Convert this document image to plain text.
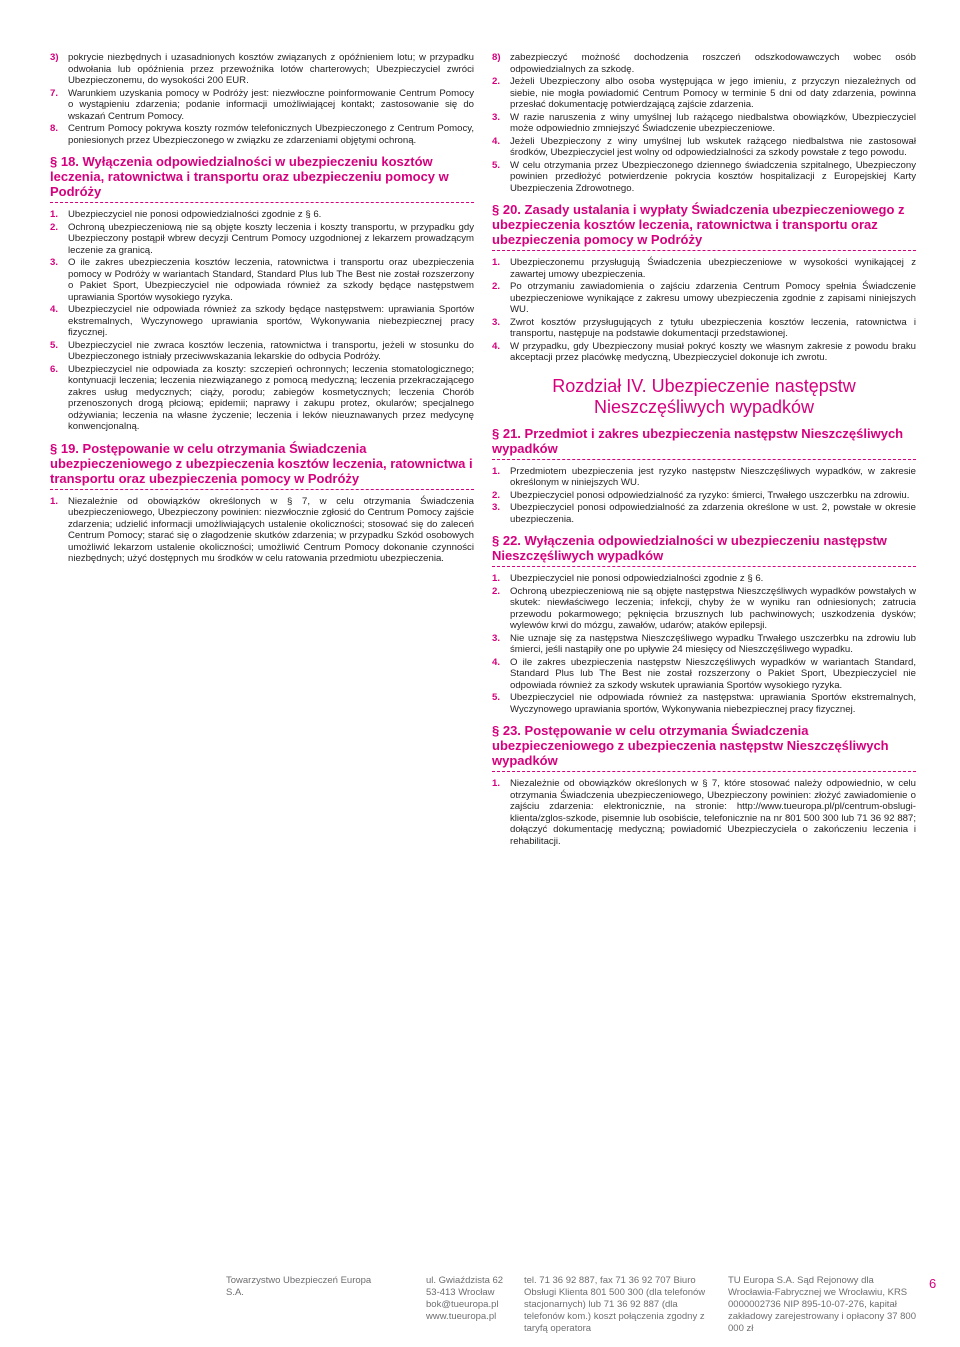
3) pokrycie niezbędnych i uzasadnionych kosztów związanych z opóźnieniem lotu; w przypadku odwołania lub opóźnienia przez przewoźnika lotów charterowych; Ubezpieczyciel zwróci Ubezpieczonemu, do wysokości 200 EUR.
7.	Warunkiem uzyskania pomocy w Podróży jest: niezwłoczne poinformowanie Centrum Pomocy o wystąpieniu zdarzenia; podanie informacji umożliwiającej kontakt; zastosowanie się do wskazań Centrum Pomocy.
8.	Centrum Pomocy pokrywa koszty rozmów telefonicznych Ubezpieczonego z Centrum Pomocy, poniesionych przez Ubezpieczonego w związku ze zdarzeniami objętymi ochroną.
§ 18. Wyłączenia odpowiedzialności w ubezpieczeniu kosztów leczenia, ratownictwa i transportu oraz ubezpieczeniu pomocy w Podróży
1.	Ubezpieczyciel nie ponosi odpowiedzialności zgodnie z § 6.
2.	Ochroną ubezpieczeniową nie są objęte koszty leczenia i koszty transportu, w przypadku gdy Ubezpieczony postąpił wbrew decyzji Centrum Pomocy uzgodnionej z lekarzem prowadzącym leczenie za granicą.
3.	O ile zakres ubezpieczenia kosztów leczenia, ratownictwa i transportu oraz ubezpieczenia pomocy w Podróży w wariantach Standard, Standard Plus lub The Best nie został rozszerzony o Pakiet Sport, Ubezpieczyciel nie odpowiada również za szkody będące następstwem uprawiania Sportów wysokiego ryzyka.
4.	Ubezpieczyciel nie odpowiada również za szkody będące następstwem: uprawiania Sportów ekstremalnych, Wyczynowego uprawiania sportów, Wykonywania niebezpiecznej pracy fizycznej.
5.	Ubezpieczyciel nie zwraca kosztów leczenia, ratownictwa i transportu, jeżeli w stosunku do Ubezpieczonego istniały przeciwwskazania lekarskie do odbycia Podróży.
6.	Ubezpieczyciel nie odpowiada za koszty: szczepień ochronnych; leczenia stomatologicznego; kontynuacji leczenia; leczenia niezwiązanego z pomocą medyczną; leczenia przekraczającego zakres usług medycznych; ciąży, porodu; zabiegów kosmetycznych; leczenia Chorób przenoszonych drogą płciową; epidemii; naprawy i zakupu protez, okularów; specjalnego odżywiania; leczenia na własne życzenie; leczenia i leków nieuznawanych przez medycynę konwencjonalną.
§ 19. Postępowanie w celu otrzymania Świadczenia ubezpieczeniowego z ubezpieczenia kosztów leczenia, ratownictwa i transportu oraz ubezpieczenia pomocy w Podróży
1.	Niezależnie od obowiązków określonych w § 7, w celu otrzymania Świadczenia ubezpieczeniowego, Ubezpieczony powinien: niezwłocznie zgłosić do Centrum Pomocy zajście zdarzenia; udzielić informacji umożliwiających ustalenie okoliczności; stosować się do zaleceń Centrum Pomocy; starać się o złagodzenie skutków zdarzenia; w przypadku Szkód osobowych umożliwić lekarzom ustalenie okoliczności; umożliwić Centrum Pomocy dokonanie czynności niezbędnych; użyć dostępnych mu środków w celu ratowania przedmiotu ubezpieczenia.
8) zabezpieczyć możność dochodzenia roszczeń odszkodowawczych wobec osób odpowiedzialnych za szkodę.
2.	Jeżeli Ubezpieczony albo osoba występująca w jego imieniu, z przyczyn niezależnych od siebie, nie mogła powiadomić Centrum Pomocy w terminie 5 dni od daty zdarzenia, powinna przesłać dokumentację potwierdzającą zajście zdarzenia.
3.	W razie naruszenia z winy umyślnej lub rażącego niedbalstwa obowiązków, Ubezpieczyciel może odpowiednio zmniejszyć Świadczenie ubezpieczeniowe.
4.	Jeżeli Ubezpieczony z winy umyślnej lub wskutek rażącego niedbalstwa nie zastosował środków, Ubezpieczyciel jest wolny od odpowiedzialności za szkody powstałe z tego powodu.
5.	W celu otrzymania przez Ubezpieczonego dziennego świadczenia szpitalnego, Ubezpieczony powinien przedłożyć potwierdzenie pokrycia kosztów hospitalizacji z Europejskiej Karty Ubezpieczenia Zdrowotnego.
§ 20. Zasady ustalania i wypłaty Świadczenia ubezpieczeniowego z ubezpieczenia kosztów leczenia, ratownictwa i transportu oraz ubezpieczenia pomocy w Podróży
1.	Ubezpieczonemu przysługują Świadczenia ubezpieczeniowe w wysokości wynikającej z zawartej umowy ubezpieczenia.
2.	Po otrzymaniu zawiadomienia o zajściu zdarzenia Centrum Pomocy spełnia Świadczenie ubezpieczeniowe wynikające z zakresu umowy ubezpieczenia zgodnie z zapisami niniejszych WU.
3.	Zwrot kosztów przysługujących z tytułu ubezpieczenia kosztów leczenia, ratownictwa i transportu, następuje na podstawie dokumentacji przedstawionej.
4.	W przypadku, gdy Ubezpieczony musiał pokryć koszty we własnym zakresie z powodu braku akceptacji przez placówkę medyczną, Ubezpieczyciel dokonuje ich zwrotu.
Rozdział IV. Ubezpieczenie następstw Nieszczęśliwych wypadków
§ 21. Przedmiot i zakres ubezpieczenia następstw Nieszczęśliwych wypadków
1.	Przedmiotem ubezpieczenia jest ryzyko następstw Nieszczęśliwych wypadków, w zakresie określonym w niniejszych WU.
2.	Ubezpieczyciel ponosi odpowiedzialność za ryzyko: śmierci, Trwałego uszczerbku na zdrowiu.
3.	Ubezpieczyciel ponosi odpowiedzialność za zdarzenia określone w ust. 2, powstałe w okresie ubezpieczenia.
§ 22. Wyłączenia odpowiedzialności w ubezpieczeniu następstw Nieszczęśliwych wypadków
1.	Ubezpieczyciel nie ponosi odpowiedzialności zgodnie z § 6.
2.	Ochroną ubezpieczeniową nie są objęte następstwa Nieszczęśliwych wypadków powstałych w skutek: niewłaściwego leczenia; infekcji, chyby że w wyniku ran odniesionych; zatrucia przewodu pokarmowego; pęknięcia brzusznych lub pachwinowych; uszkodzenia dysków; wylewów krwi do mózgu, zawałów, udarów; ataków epilepsji.
3.	Nie uznaje się za następstwa Nieszczęśliwego wypadku Trwałego uszczerbku na zdrowiu lub śmierci, jeśli nastąpiły one po upływie 24 miesięcy od Nieszczęśliwego wypadku.
4.	O ile zakres ubezpieczenia następstw Nieszczęśliwych wypadków w wariantach Standard, Standard Plus lub The Best nie został rozszerzony o Pakiet Sport, Ubezpieczyciel nie odpowiada również za szkody wskutek uprawiania Sportów wysokiego ryzyka.
5.	Ubezpieczyciel nie odpowiada również za następstwa: uprawiania Sportów ekstremalnych, Wyczynowego uprawiania sportów, Wykonywania niebezpiecznej pracy fizycznej.
§ 23. Postępowanie w celu otrzymania Świadczenia ubezpieczeniowego z ubezpieczenia następstw Nieszczęśliwych wypadków
1.	Niezależnie od obowiązków określonych w § 7, które stosować należy odpowiednio, w celu otrzymania Świadczenia ubezpieczeniowego, Ubezpieczony powinien: złożyć zawiadomienie o zajściu zdarzenia: elektronicznie, na stronie: http://www.tueuropa.pl/pl/centrum-obslugi-klienta/zglos-szkode, pisemnie lub osobiście, telefonicznie na nr 801 500 300 lub 71 36 92 887; dołączyć dokumentację medyczną; powiadomić Ubezpieczyciela o zakończeniu leczenia i rehabilitacji.
Towarzystwo Ubezpieczeń Europa S.A.
ul. Gwiaździsta 62 53-413 Wrocław bok@tueuropa.pl www.tueuropa.pl
tel. 71 36 92 887, fax 71 36 92 707 Biuro Obsługi Klienta 801 500 300 (dla telefonów stacjonarnych) lub 71 36 92 887 (dla telefonów kom.) koszt połączenia zgodny z taryfą operatora
TU Europa S.A. Sąd Rejonowy dla Wrocławia-Fabrycznej we Wrocławiu, KRS 0000002736 NIP 895-10-07-276, kapitał zakładowy zarejestrowany i opłacony 37 800 000 zł
6
